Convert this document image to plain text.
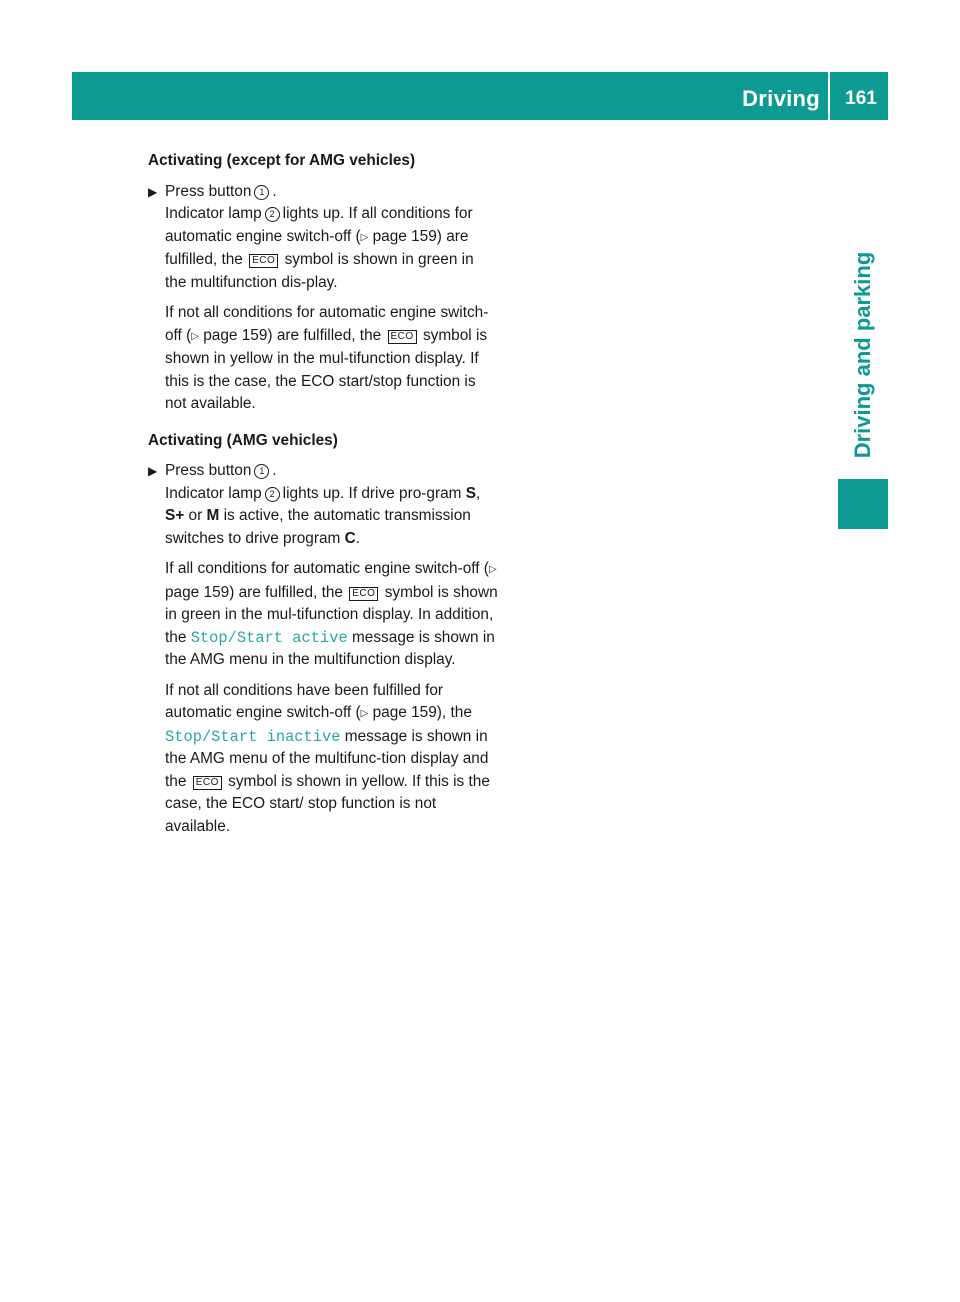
Driving	161
Driving and parking
Activating (except for AMG vehicles)
▶ Press button 1 .
Indicator lamp 2 lights up. If all conditions for automatic engine switch-off (▷ page 159) are fulfilled, the ECO symbol is shown in green in the multifunction dis-play.
If not all conditions for automatic engine switch-off (▷ page 159) are fulfilled, the ECO symbol is shown in yellow in the mul-tifunction display. If this is the case, the ECO start/stop function is not available.
Activating (AMG vehicles)
▶ Press button 1 .
Indicator lamp 2 lights up. If drive pro-gram S, S+ or M is active, the automatic transmission switches to drive program C.
If all conditions for automatic engine switch-off (▷ page 159) are fulfilled, the ECO symbol is shown in green in the mul-tifunction display. In addition, the Stop/Start active message is shown in the AMG menu in the multifunction display.
If not all conditions have been fulfilled for automatic engine switch-off (▷ page 159), the Stop/Start inactive message is shown in the AMG menu of the multifunc-tion display and the ECO symbol is shown in yellow. If this is the case, the ECO start/ stop function is not available.
